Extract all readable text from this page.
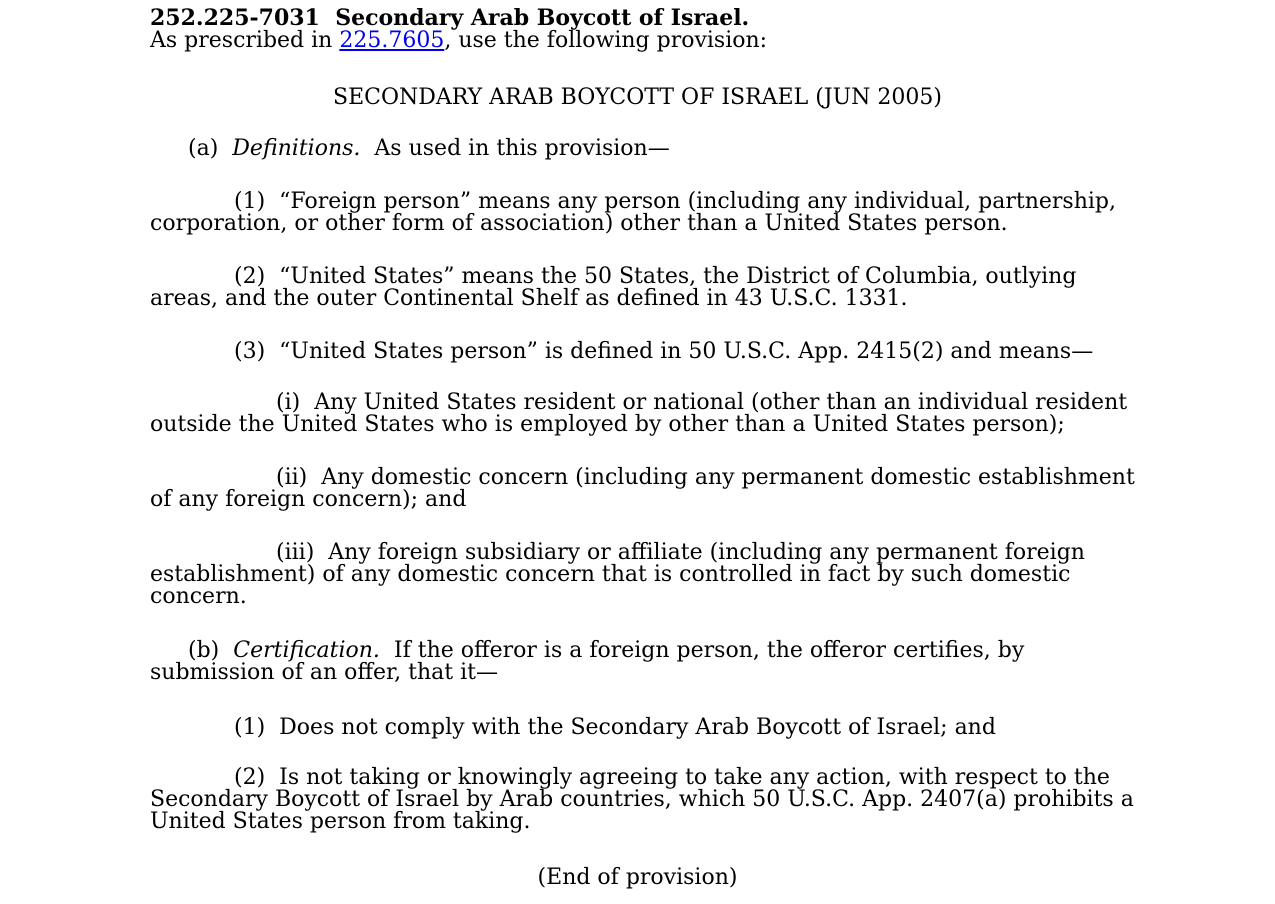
252.225-7031 Secondary Arab Boycott of Israel.
As prescribed in 225.7605, use the following provision:
SECONDARY ARAB BOYCOTT OF ISRAEL (JUN 2005)

(a) Definitions. As used in this provision—

(1) “Foreign person” means any person (including any individual, partnership, corporation, or other form of association) other than a United States person.

(2) “United States” means the 50 States, the District of Columbia, outlying areas, and the outer Continental Shelf as defined in 43 U.S.C. 1331.

(3) “United States person” is defined in 50 U.S.C. App. 2415(2) and means—

(i) Any United States resident or national (other than an individual resident outside the United States who is employed by other than a United States person);

(ii) Any domestic concern (including any permanent domestic establishment of any foreign concern); and

(iii) Any foreign subsidiary or affiliate (including any permanent foreign establishment) of any domestic concern that is controlled in fact by such domestic concern.

(b) Certification. If the offeror is a foreign person, the offeror certifies, by submission of an offer, that it—

(1) Does not comply with the Secondary Arab Boycott of Israel; and

(2) Is not taking or knowingly agreeing to take any action, with respect to the Secondary Boycott of Israel by Arab countries, which 50 U.S.C. App. 2407(a) prohibits a United States person from taking.

(End of provision)
